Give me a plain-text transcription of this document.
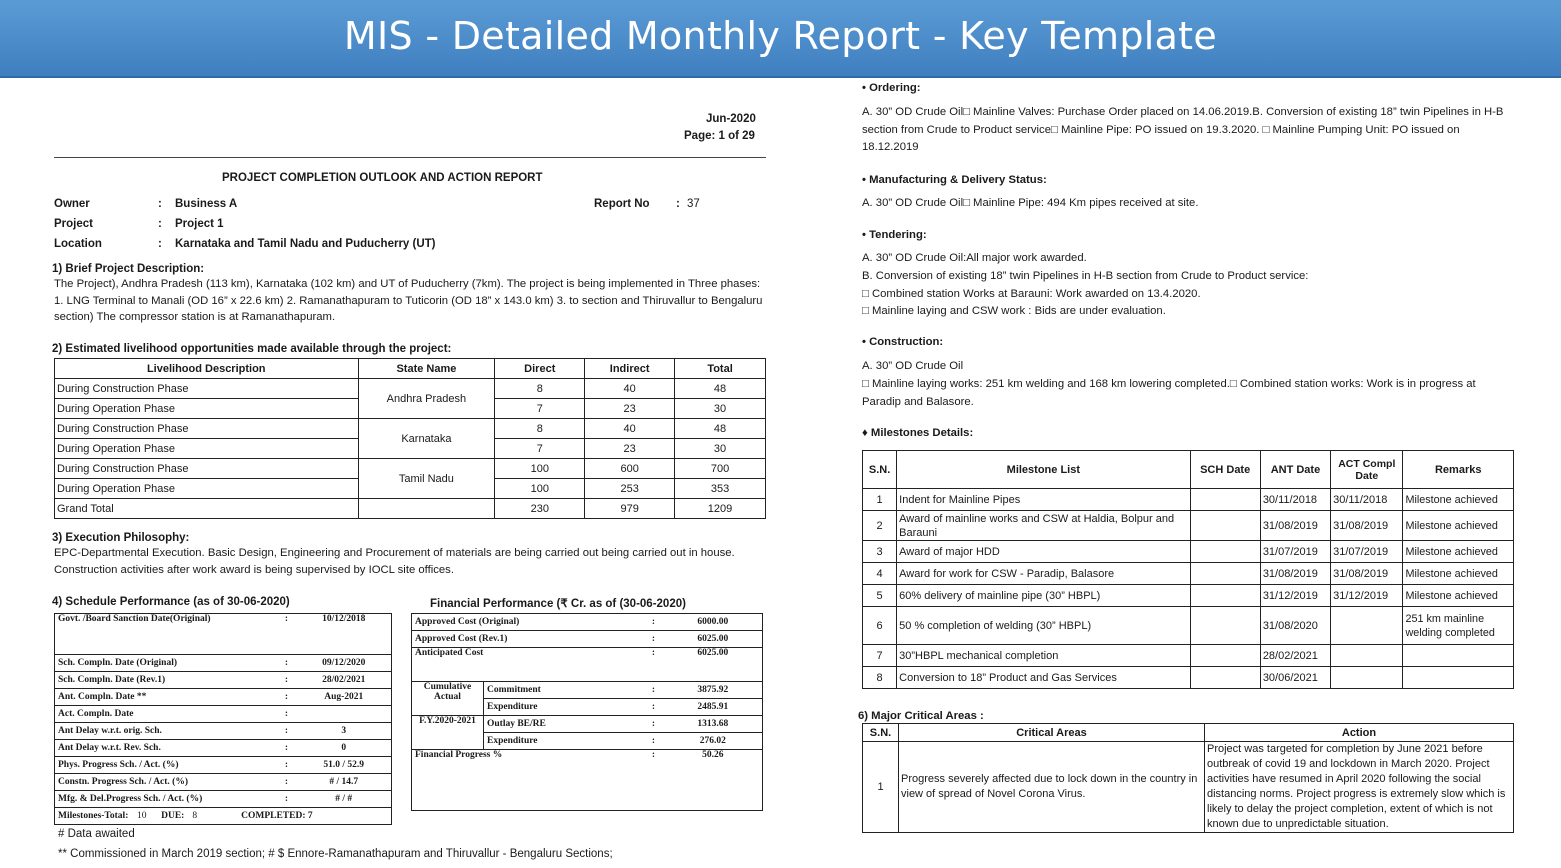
MIS - Detailed Monthly Report - Key Template
Jun-2020
Page: 1 of 29
PROJECT COMPLETION OUTLOOK AND ACTION REPORT
Owner	: Business A	Report No : 37
Project	: Project 1
Location	: Karnataka and Tamil Nadu and Puducherry (UT)
1) Brief Project Description:
The Project), Andhra Pradesh (113 km), Karnataka (102 km) and UT of Puducherry (7km). The project is being implemented in Three phases: 1. LNG Terminal to Manali (OD 16” x 22.6 km) 2. Ramanathapuram to Tuticorin (OD 18” x 143.0 km) 3. to section and Thiruvallur to Bengaluru section) The compressor station is at Ramanathapuram.
2) Estimated livelihood opportunities made available through the project:
Livelihood Description	State Name	Direct	Indirect	Total
During Construction Phase	Andhra Pradesh	8	40	48
During Operation Phase		7	23	30
During Construction Phase	Karnataka	8	40	48
During Operation Phase		7	23	30
During Construction Phase	Tamil Nadu	100	600	700
During Operation Phase		100	253	353
Grand Total		230	979	1209
3) Execution Philosophy:
EPC-Departmental Execution. Basic Design, Engineering and Procurement of materials are being carried out being carried out in house. Construction activities after work award is being supervised by IOCL site offices.
4) Schedule Performance (as of 30-06-2020)	Financial Performance (₹ Cr. as of (30-06-2020)
Govt. /Board Sanction Date(Original)	:	10/12/2018

Sch. Compln. Date (Original)	:	09/12/2020
Sch. Compln. Date (Rev.1)	:	28/02/2021
Ant. Compln. Date **	:	Aug-2021
Act. Compln. Date	:	
Ant Delay w.r.t. orig. Sch.	:	3
Ant Delay w.r.t. Rev. Sch.	:	0
Phys. Progress Sch. / Act. (%)	:	51.0 / 52.9
Constn. Progress Sch. / Act. (%)	:	# / 14.7
Mfg. & Del.Progress Sch. / Act. (%)	:	# / #
Milestones-Total: 10 DUE: 8 COMPLETED: 7		
Approved Cost (Original)		:	6000.00
Approved Cost (Rev.1)		:	6025.00
Anticipated Cost		:	6025.00
Cumulative Actual	Commitment	:	3875.92
	Expenditure	:	2485.91
F.Y.2020-2021	Outlay BE/RE	:	1313.68
	Expenditure	:	276.02
Financial Progress %		:	50.26
# Data awaited
** Commissioned in March 2019 section; # $ Ennore-Ramanathapuram and Thiruvallur - Bengaluru Sections;
• Ordering:
A. 30” OD Crude Oil□ Mainline Valves: Purchase Order placed on 14.06.2019.B. Conversion of existing 18” twin Pipelines in H-B section from Crude to Product service□ Mainline Pipe: PO issued on 19.3.2020. □ Mainline Pumping Unit: PO issued on 18.12.2019
• Manufacturing & Delivery Status:
A. 30” OD Crude Oil□ Mainline Pipe: 494 Km pipes received at site.
• Tendering:
A. 30” OD Crude Oil:All major work awarded.
B. Conversion of existing 18” twin Pipelines in H-B section from Crude to Product service:
□ Combined station Works at Barauni: Work awarded on 13.4.2020.
□ Mainline laying and CSW work : Bids are under evaluation.
• Construction:
A. 30” OD Crude Oil
□ Mainline laying works: 251 km welding and 168 km lowering completed.□ Combined station works: Work is in progress at Paradip and Balasore.
♦ Milestones Details:
S.N.	Milestone List	SCH Date	ANT Date	ACT Compl Date	Remarks
1	Indent for Mainline Pipes		30/11/2018	30/11/2018	Milestone achieved
2	Award of mainline works and CSW at Haldia, Bolpur and Barauni		31/08/2019	31/08/2019	Milestone achieved
3	Award of major HDD		31/07/2019	31/07/2019	Milestone achieved
4	Award for work for CSW - Paradip, Balasore		31/08/2019	31/08/2019	Milestone achieved
5	60% delivery of mainline pipe (30” HBPL)		31/12/2019	31/12/2019	Milestone achieved
6	50 % completion of welding (30” HBPL)		31/08/2020		251 km mainline welding completed
7	30”HBPL mechanical completion		28/02/2021		
8	Conversion to 18” Product and Gas Services		30/06/2021		
6) Major Critical Areas :
S.N.	Critical Areas	Action
1	Progress severely affected due to lock down in the country in view of spread of Novel Corona Virus.	Project was targeted for completion by June 2021 before outbreak of covid 19 and lockdown in March 2020. Project activities have resumed in April 2020 following the social distancing norms. Project progress is extremely slow which is likely to delay the project completion, extent of which is not known due to unpredictable situation.
